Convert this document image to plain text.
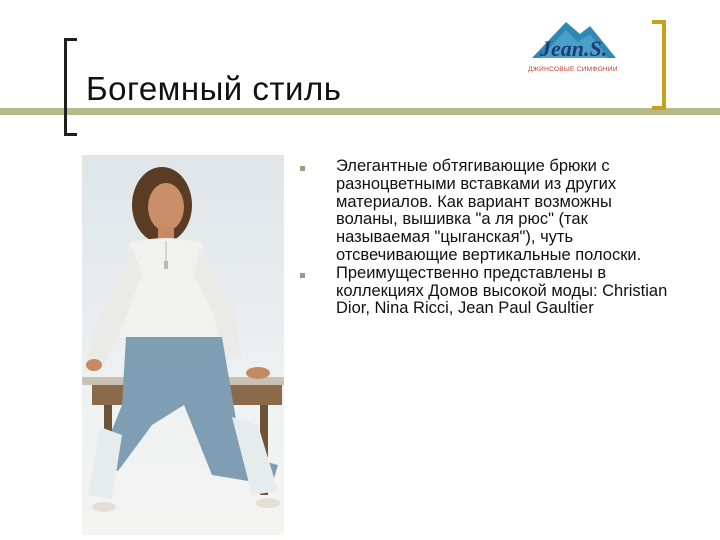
Богемный стиль
Jean.S.
ДЖИНСОВЫЕ СИМФОНИИ
Элегантные обтягивающие брюки с разноцветными вставками из других материалов. Как вариант возможны воланы, вышивка "а ля рюс" (так называемая "цыганская"), чуть отсвечивающие вертикальные полоски.
Преимущественно представлены в коллекциях Домов высокой моды: Christian Dior, Nina Ricci, Jean Paul Gaultier
